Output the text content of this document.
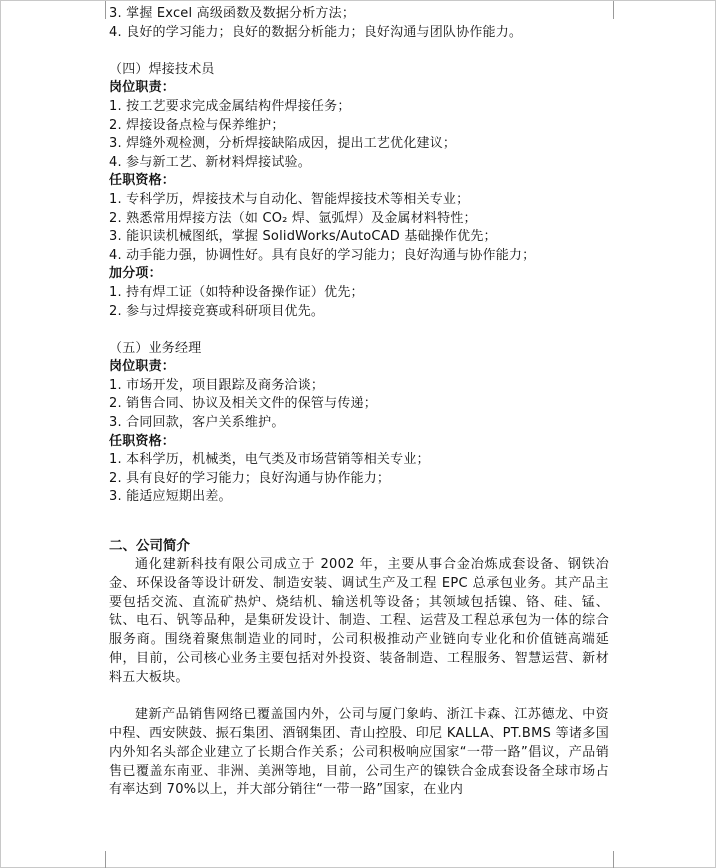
3. 掌握 Excel 高级函数及数据分析方法；
4. 良好的学习能力；良好的数据分析能力；良好沟通与团队协作能力。
（四）焊接技术员
岗位职责：
1. 按工艺要求完成金属结构件焊接任务；
2. 焊接设备点检与保养维护；
3. 焊缝外观检测，分析焊接缺陷成因，提出工艺优化建议；
4. 参与新工艺、新材料焊接试验。
任职资格：
1. 专科学历，焊接技术与自动化、智能焊接技术等相关专业；
2. 熟悉常用焊接方法（如 CO₂ 焊、氩弧焊）及金属材料特性；
3. 能识读机械图纸，掌握 SolidWorks/AutoCAD 基础操作优先；
4. 动手能力强，协调性好。具有良好的学习能力；良好沟通与协作能力；
加分项：
1. 持有焊工证（如特种设备操作证）优先；
2. 参与过焊接竞赛或科研项目优先。
（五）业务经理
岗位职责：
1. 市场开发，项目跟踪及商务洽谈；
2. 销售合同、协议及相关文件的保管与传递；
3. 合同回款，客户关系维护。
任职资格：
1. 本科学历，机械类，电气类及市场营销等相关专业；
2. 具有良好的学习能力；良好沟通与协作能力；
3. 能适应短期出差。
二、公司简介
通化建新科技有限公司成立于 2002 年，主要从事合金冶炼成套设备、钢铁冶金、环保设备等设计研发、制造安装、调试生产及工程 EPC 总承包业务。其产品主要包括交流、直流矿热炉、烧结机、输送机等设备；其领域包括镍、铬、硅、锰、钛、电石、钒等品种，是集研发设计、制造、工程、运营及工程总承包为一体的综合服务商。围绕着聚焦制造业的同时，公司积极推动产业链向专业化和价值链高端延伸，目前，公司核心业务主要包括对外投资、装备制造、工程服务、智慧运营、新材料五大板块。
建新产品销售网络已覆盖国内外，公司与厦门象屿、浙江卡森、江苏德龙、中资中程、西安陕鼓、振石集团、酒钢集团、青山控股、印尼 KALLA、PT.BMS 等诸多国内外知名头部企业建立了长期合作关系；公司积极响应国家“一带一路”倡议，产品销售已覆盖东南亚、非洲、美洲等地，目前，公司生产的镍铁合金成套设备全球市场占有率达到 70%以上，并大部分销往“一带一路”国家，在业内
